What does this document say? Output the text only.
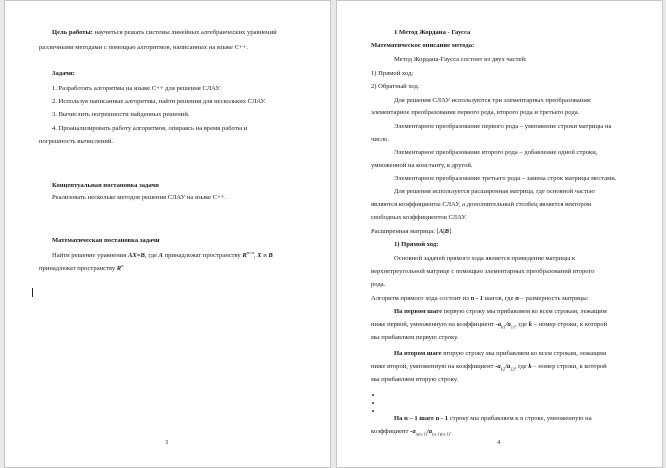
Цель работы: научиться решать системы линейных алгебраических уравнений
различными методами с помощью алгоритмов, написанных на языке C++.
Задачи:
1. Разработать алгоритмы на языке C++ для решения СЛАУ.
2. Используя написанные алгоритмы, найти решения для нескольких СЛАУ.
3. Вычислить погрешности найденных решений.
4. Проанализировать работу алгоритмов, опираясь на время работы и
погрешность вычислений.
Концептуальная постановка задачи
Реализовать несколько методов решения СЛАУ на языке C++.
Математическая постановка задачи
Найти решение уравнения AX=B, где A принадлежат пространству $R^{n\times n}$, X и B
принадлежат пространству $R^n$
3
1 Метод Жордана - Гаусса
Математическое описание метода:
Метод Жордана-Гаусса состоит из двух частей:
1) Прямой ход;
2) Обратный ход.
Для решения СЛАУ используются три элементарных преобразования:
элементарное преобразование первого рода, второго рода и третьего рода.
Элементарное преобразование первого рода – умножение строки матрицы на
число.
Элементарное преобразование второго рода – добавление одной строки,
умноженной на константу, к другой.
Элементарное преобразование третьего рода – замена строк матрицы местами.
Для решения используется расширенная матрица, где основной частью
являются коэффициенты СЛАУ, а дополнительный столбец является вектором
свободных коэффициентов СЛАУ.
Расширенная матрица: [A|B]
1) Прямой ход:
Основной задачей прямого хода является приведение матрицы к
верхнетреугольной матрице с помощью элементарных преобразований второго
рода.
Алгоритм прямого хода состоит из n - 1 шагов, где n – размерность матрицы:
На первом шаге первую строку мы прибавляем ко всем строкам, лежащим
ниже первой, умноженную на коэффициент $-a_{k1}/a_{11}$, где k – номер строки, к которой
мы прибавляем первую строку.
На втором шаге вторую строку мы прибавляем ко всем строкам, лежащим
ниже второй, умноженную на коэффициент $-a_{k2}/a_{22}$, где k – номер строки, к которой
мы прибавляем вторую строку.
На n – 1 шаге n - 1 строку мы прибавляем к n строке, умноженную на
коэффициент $-a_{n(n-1)}/a_{(n-1)(n-1)}$.
4
